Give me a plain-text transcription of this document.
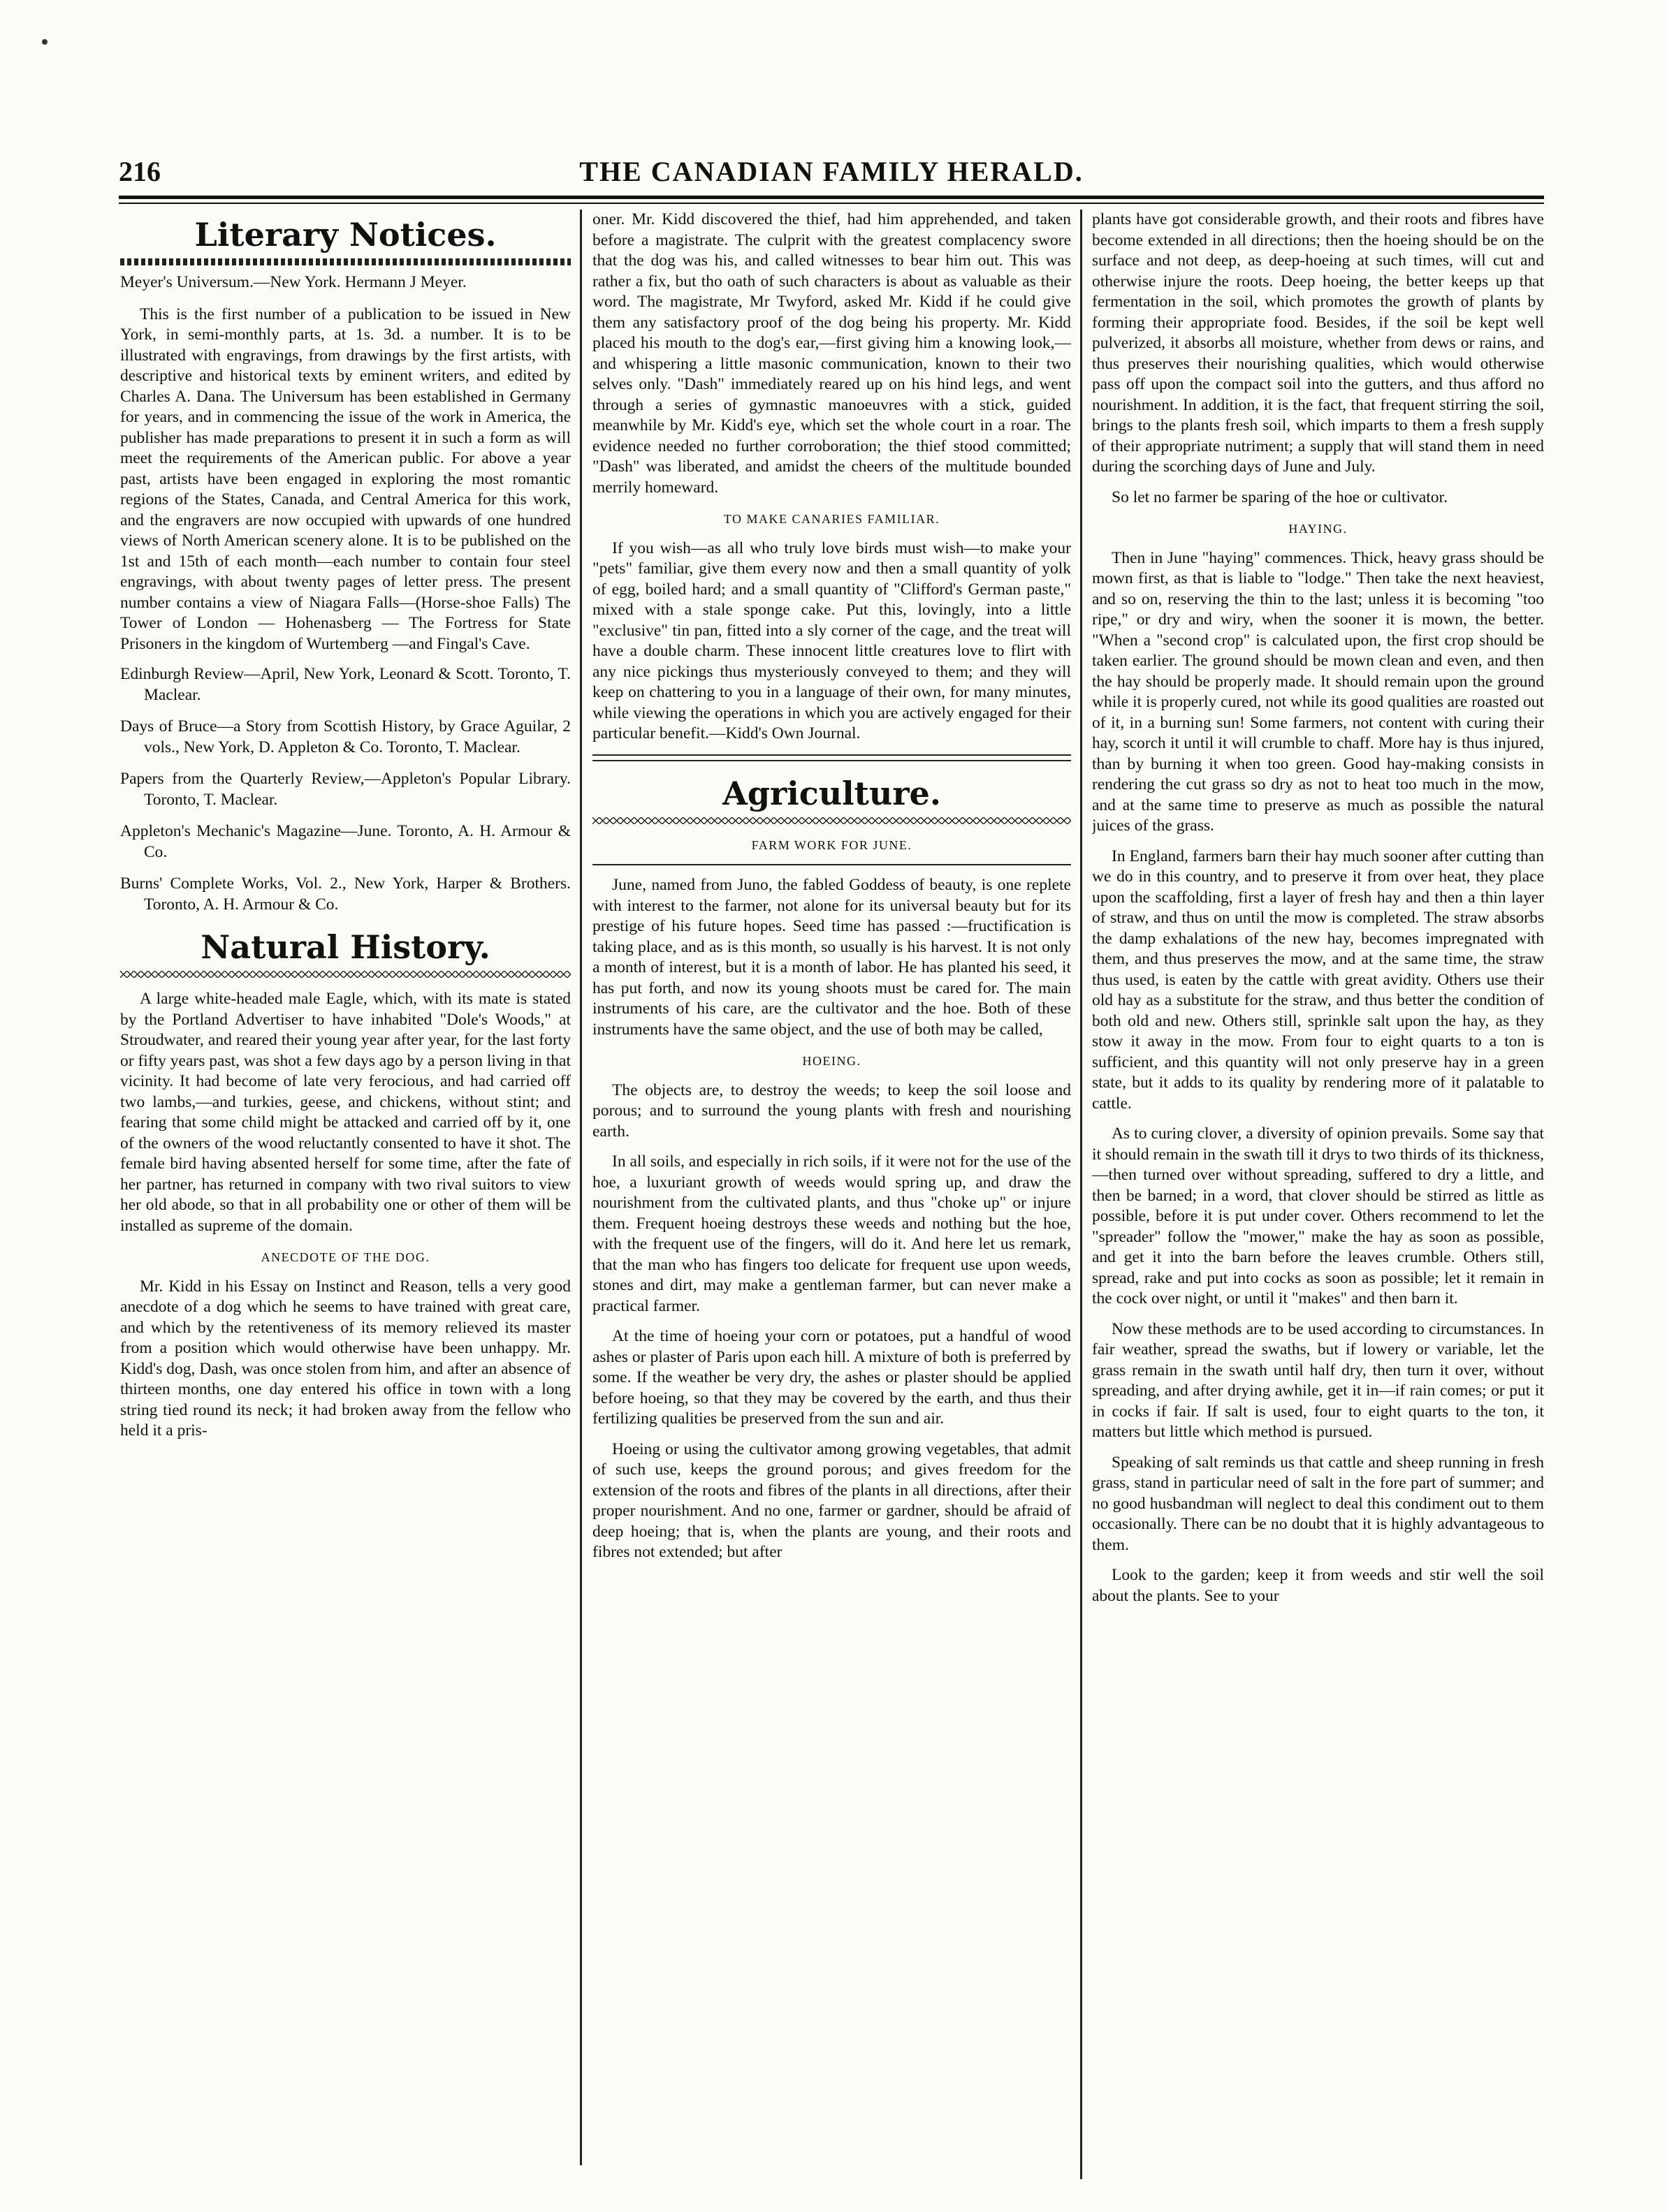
216	THE CANADIAN FAMILY HERALD.
Literary Notices.
Meyer's Universum.—New York. Hermann J Meyer.

This is the first number of a publication to be issued in New York, in semi-monthly parts, at 1s. 3d. a number. It is to be illustrated with engravings, from drawings by the first artists, with descriptive and historical texts by eminent writers, and edited by Charles A. Dana. The Universum has been established in Germany for years, and in commencing the issue of the work in America, the publisher has made preparations to present it in such a form as will meet the requirements of the American public. For above a year past, artists have been engaged in exploring the most romantic regions of the States, Canada, and Central America for this work, and the engravers are now occupied with upwards of one hundred views of North American scenery alone. It is to be published on the 1st and 15th of each month—each number to contain four steel engravings, with about twenty pages of letter press. The present number contains a view of Niagara Falls—(Horse-shoe Falls) The Tower of London — Hohenasberg — The Fortress for State Prisoners in the kingdom of Wurtemberg —and Fingal's Cave.

Edinburgh Review—April, New York, Leonard & Scott. Toronto, T. Maclear.
Days of Bruce—a Story from Scottish History, by Grace Aguilar, 2 vols., New York, D. Appleton & Co. Toronto, T. Maclear.
Papers from the Quarterly Review,—Appleton's Popular Library. Toronto, T. Maclear.
Appleton's Mechanic's Magazine—June. Toronto, A. H. Armour & Co.
Burns' Complete Works, Vol. 2., New York, Harper & Brothers. Toronto, A. H. Armour & Co.
Natural History.

A large white-headed male Eagle, which, with its mate is stated by the Portland Advertiser to have inhabited "Dole's Woods," at Stroudwater, and reared their young year after year, for the last forty or fifty years past, was shot a few days ago by a person living in that vicinity. It had become of late very ferocious, and had carried off two lambs,—and turkies, geese, and chickens, without stint; and fearing that some child might be attacked and carried off by it, one of the owners of the wood reluctantly consented to have it shot. The female bird having absented herself for some time, after the fate of her partner, has returned in company with two rival suitors to view her old abode, so that in all probability one or other of them will be installed as supreme of the domain.

ANECDOTE OF THE DOG.

Mr. Kidd in his Essay on Instinct and Reason, tells a very good anecdote of a dog which he seems to have trained with great care, and which by the retentiveness of its memory relieved its master from a position which would otherwise have been unhappy. Mr. Kidd's dog, Dash, was once stolen from him, and after an absence of thirteen months, one day entered his office in town with a long string tied round its neck; it had broken away from the fellow who held it a pris-

oner. Mr. Kidd discovered the thief, had him apprehended, and taken before a magistrate. The culprit with the greatest complacency swore that the dog was his, and called witnesses to bear him out. This was rather a fix, but tho oath of such characters is about as valuable as their word. The magistrate, Mr Twyford, asked Mr. Kidd if he could give them any satisfactory proof of the dog being his property. Mr. Kidd placed his mouth to the dog's ear,—first giving him a knowing look,—and whispering a little masonic communication, known to their two selves only. "Dash" immediately reared up on his hind legs, and went through a series of gymnastic manoeuvres with a stick, guided meanwhile by Mr. Kidd's eye, which set the whole court in a roar. The evidence needed no further corroboration; the thief stood committed; "Dash" was liberated, and amidst the cheers of the multitude bounded merrily homeward.

TO MAKE CANARIES FAMILIAR.

If you wish—as all who truly love birds must wish—to make your "pets" familiar, give them every now and then a small quantity of yolk of egg, boiled hard; and a small quantity of "Clifford's German paste," mixed with a stale sponge cake. Put this, lovingly, into a little "exclusive" tin pan, fitted into a sly corner of the cage, and the treat will have a double charm. These innocent little creatures love to flirt with any nice pickings thus mysteriously conveyed to them; and they will keep on chattering to you in a language of their own, for many minutes, while viewing the operations in which you are actively engaged for their particular benefit.—Kidd's Own Journal.

Agriculture.
FARM WORK FOR JUNE.

June, named from Juno, the fabled Goddess of beauty, is one replete with interest to the farmer, not alone for its universal beauty but for its prestige of his future hopes. Seed time has passed :—fructification is taking place, and as is this month, so usually is his harvest. It is not only a month of interest, but it is a month of labor. He has planted his seed, it has put forth, and now its young shoots must be cared for. The main instruments of his care, are the cultivator and the hoe. Both of these instruments have the same object, and the use of both may be called,

HOEING.

The objects are, to destroy the weeds; to keep the soil loose and porous; and to surround the young plants with fresh and nourishing earth.

In all soils, and especially in rich soils, if it were not for the use of the hoe, a luxuriant growth of weeds would spring up, and draw the nourishment from the cultivated plants, and thus "choke up" or injure them. Frequent hoeing destroys these weeds and nothing but the hoe, with the frequent use of the fingers, will do it. And here let us remark, that the man who has fingers too delicate for frequent use upon weeds, stones and dirt, may make a gentleman farmer, but can never make a practical farmer.

At the time of hoeing your corn or potatoes, put a handful of wood ashes or plaster of Paris upon each hill. A mixture of both is preferred by some. If the weather be very dry, the ashes or plaster should be applied before hoeing, so that they may be covered by the earth, and thus their fertilizing qualities be preserved from the sun and air.

Hoeing or using the cultivator among growing vegetables, that admit of such use, keeps the ground porous; and gives freedom for the extension of the roots and fibres of the plants in all directions, after their proper nourishment. And no one, farmer or gardner, should be afraid of deep hoeing; that is, when the plants are young, and their roots and fibres not extended; but after

plants have got considerable growth, and their roots and fibres have become extended in all directions; then the hoeing should be on the surface and not deep, as deep-hoeing at such times, will cut and otherwise injure the roots. Deep hoeing, the better keeps up that fermentation in the soil, which promotes the growth of plants by forming their appropriate food. Besides, if the soil be kept well pulverized, it absorbs all moisture, whether from dews or rains, and thus preserves their nourishing qualities, which would otherwise pass off upon the compact soil into the gutters, and thus afford no nourishment. In addition, it is the fact, that frequent stirring the soil, brings to the plants fresh soil, which imparts to them a fresh supply of their appropriate nutriment; a supply that will stand them in need during the scorching days of June and July.

So let no farmer be sparing of the hoe or cultivator.

HAYING.

Then in June "haying" commences. Thick, heavy grass should be mown first, as that is liable to "lodge." Then take the next heaviest, and so on, reserving the thin to the last; unless it is becoming "too ripe," or dry and wiry, when the sooner it is mown, the better. "When a "second crop" is calculated upon, the first crop should be taken earlier. The ground should be mown clean and even, and then the hay should be properly made. It should remain upon the ground while it is properly cured, not while its good qualities are roasted out of it, in a burning sun! Some farmers, not content with curing their hay, scorch it until it will crumble to chaff. More hay is thus injured, than by burning it when too green. Good hay-making consists in rendering the cut grass so dry as not to heat too much in the mow, and at the same time to preserve as much as possible the natural juices of the grass.

In England, farmers barn their hay much sooner after cutting than we do in this country, and to preserve it from over heat, they place upon the scaffolding, first a layer of fresh hay and then a thin layer of straw, and thus on until the mow is completed. The straw absorbs the damp exhalations of the new hay, becomes impregnated with them, and thus preserves the mow, and at the same time, the straw thus used, is eaten by the cattle with great avidity. Others use their old hay as a substitute for the straw, and thus better the condition of both old and new. Others still, sprinkle salt upon the hay, as they stow it away in the mow. From four to eight quarts to a ton is sufficient, and this quantity will not only preserve hay in a green state, but it adds to its quality by rendering more of it palatable to cattle.

As to curing clover, a diversity of opinion prevails. Some say that it should remain in the swath till it drys to two thirds of its thickness,—then turned over without spreading, suffered to dry a little, and then be barned; in a word, that clover should be stirred as little as possible, before it is put under cover. Others recommend to let the "spreader" follow the "mower," make the hay as soon as possible, and get it into the barn before the leaves crumble. Others still, spread, rake and put into cocks as soon as possible; let it remain in the cock over night, or until it "makes" and then barn it.

Now these methods are to be used according to circumstances. In fair weather, spread the swaths, but if lowery or variable, let the grass remain in the swath until half dry, then turn it over, without spreading, and after drying awhile, get it in—if rain comes; or put it in cocks if fair. If salt is used, four to eight quarts to the ton, it matters but little which method is pursued.

Speaking of salt reminds us that cattle and sheep running in fresh grass, stand in particular need of salt in the fore part of summer; and no good husbandman will neglect to deal this condiment out to them occasionally. There can be no doubt that it is highly advantageous to them.

Look to the garden; keep it from weeds and stir well the soil about the plants. See to your
